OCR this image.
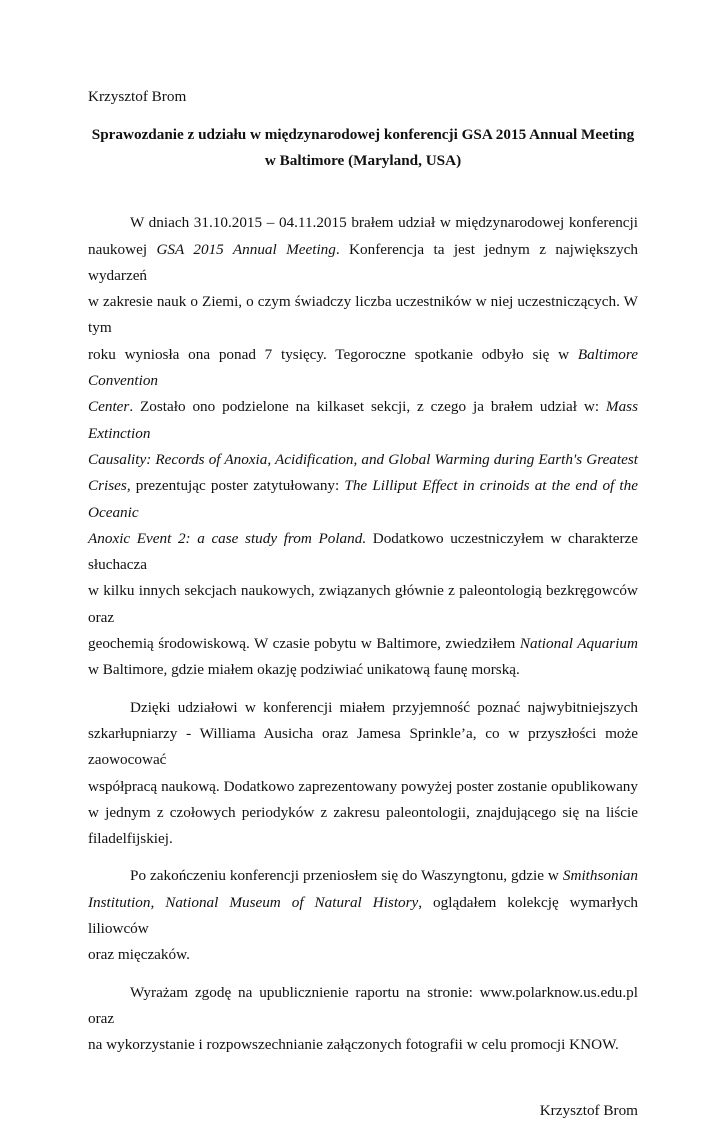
Krzysztof Brom

Sprawozdanie z udziału w międzynarodowej konferencji GSA 2015 Annual Meeting
w Baltimore (Maryland, USA)

W dniach 31.10.2015 – 04.11.2015 brałem udział w międzynarodowej konferencji
naukowej GSA 2015 Annual Meeting. Konferencja ta jest jednym z największych wydarzeń
w zakresie nauk o Ziemi, o czym świadczy liczba uczestników w niej uczestniczących. W tym
roku wyniosła ona ponad 7 tysięcy. Tegoroczne spotkanie odbyło się w Baltimore Convention
Center. Zostało ono podzielone na kilkaset sekcji, z czego ja brałem udział w: Mass Extinction
Causality: Records of Anoxia, Acidification, and Global Warming during Earth's Greatest
Crises, prezentując poster zatytułowany: The Lilliput Effect in crinoids at the end of the Oceanic
Anoxic Event 2: a case study from Poland. Dodatkowo uczestniczyłem w charakterze słuchacza
w kilku innych sekcjach naukowych, związanych głównie z paleontologią bezkręgowców oraz
geochemią środowiskową. W czasie pobytu w Baltimore, zwiedziłem National Aquarium
w Baltimore, gdzie miałem okazję podziwiać unikatową faunę morską.

Dzięki udziałowi w konferencji miałem przyjemność poznać najwybitniejszych
szkarłupniarzy - Williama Ausicha oraz Jamesa Sprinkle’a, co w przyszłości może zaowocować
współpracą naukową. Dodatkowo zaprezentowany powyżej poster zostanie opublikowany
w jednym z czołowych periodyków z zakresu paleontologii, znajdującego się na liście
filadelfijskiej.

Po zakończeniu konferencji przeniosłem się do Waszyngtonu, gdzie w Smithsonian
Institution, National Museum of Natural History, oglądałem kolekcję wymarłych liliowców
oraz mięczaków.

Wyrażam zgodę na upublicznienie raportu na stronie: www.polarknow.us.edu.pl oraz
na wykorzystanie i rozpowszechnianie załączonych fotografii w celu promocji KNOW.

Krzysztof Brom
